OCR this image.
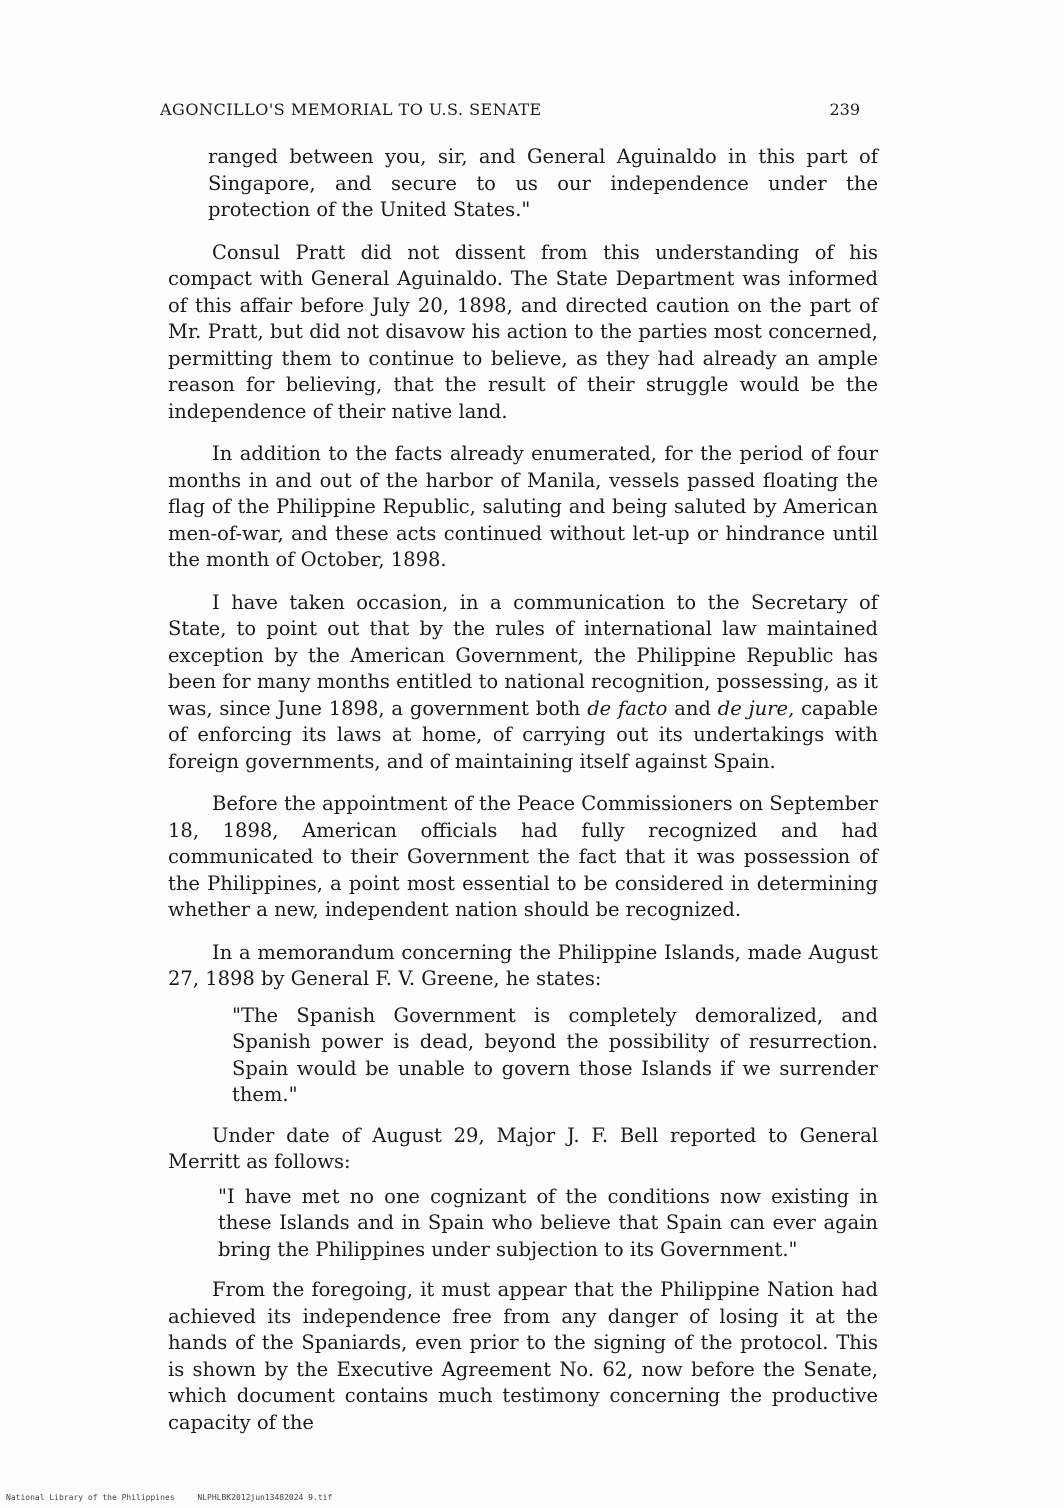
AGONCILLO'S MEMORIAL TO U.S. SENATE	239

ranged between you, sir, and General Aguinaldo in this part of Singapore, and secure to us our independence under the protection of the United States."

Consul Pratt did not dissent from this understanding of his compact with General Aguinaldo. The State Department was informed of this affair before July 20, 1898, and directed caution on the part of Mr. Pratt, but did not disavow his action to the parties most concerned, permitting them to continue to believe, as they had already an ample reason for believing, that the result of their struggle would be the independence of their native land.

In addition to the facts already enumerated, for the period of four months in and out of the harbor of Manila, vessels passed floating the flag of the Philippine Republic, saluting and being saluted by American men-of-war, and these acts continued without let-up or hindrance until the month of October, 1898.

I have taken occasion, in a communication to the Secretary of State, to point out that by the rules of international law maintained exception by the American Government, the Philippine Republic has been for many months entitled to national recognition, possessing, as it was, since June 1898, a government both de facto and de jure, capable of enforcing its laws at home, of carrying out its undertakings with foreign governments, and of maintaining itself against Spain.

Before the appointment of the Peace Commissioners on September 18, 1898, American officials had fully recognized and had communicated to their Government the fact that it was possession of the Philippines, a point most essential to be considered in determining whether a new, independent nation should be recognized.

In a memorandum concerning the Philippine Islands, made August 27, 1898 by General F. V. Greene, he states:

"The Spanish Government is completely demoralized, and Spanish power is dead, beyond the possibility of resurrection. Spain would be unable to govern those Islands if we surrender them."

Under date of August 29, Major J. F. Bell reported to General Merritt as follows:

"I have met no one cognizant of the conditions now existing in these Islands and in Spain who believe that Spain can ever again bring the Philippines under subjection to its Government."

From the foregoing, it must appear that the Philippine Nation had achieved its independence free from any danger of losing it at the hands of the Spaniards, even prior to the signing of the protocol. This is shown by the Executive Agreement No. 62, now before the Senate, which document contains much testimony concerning the productive capacity of the

National Library of the Philippines	NLPHLBK2012jun13482024 9.tif
